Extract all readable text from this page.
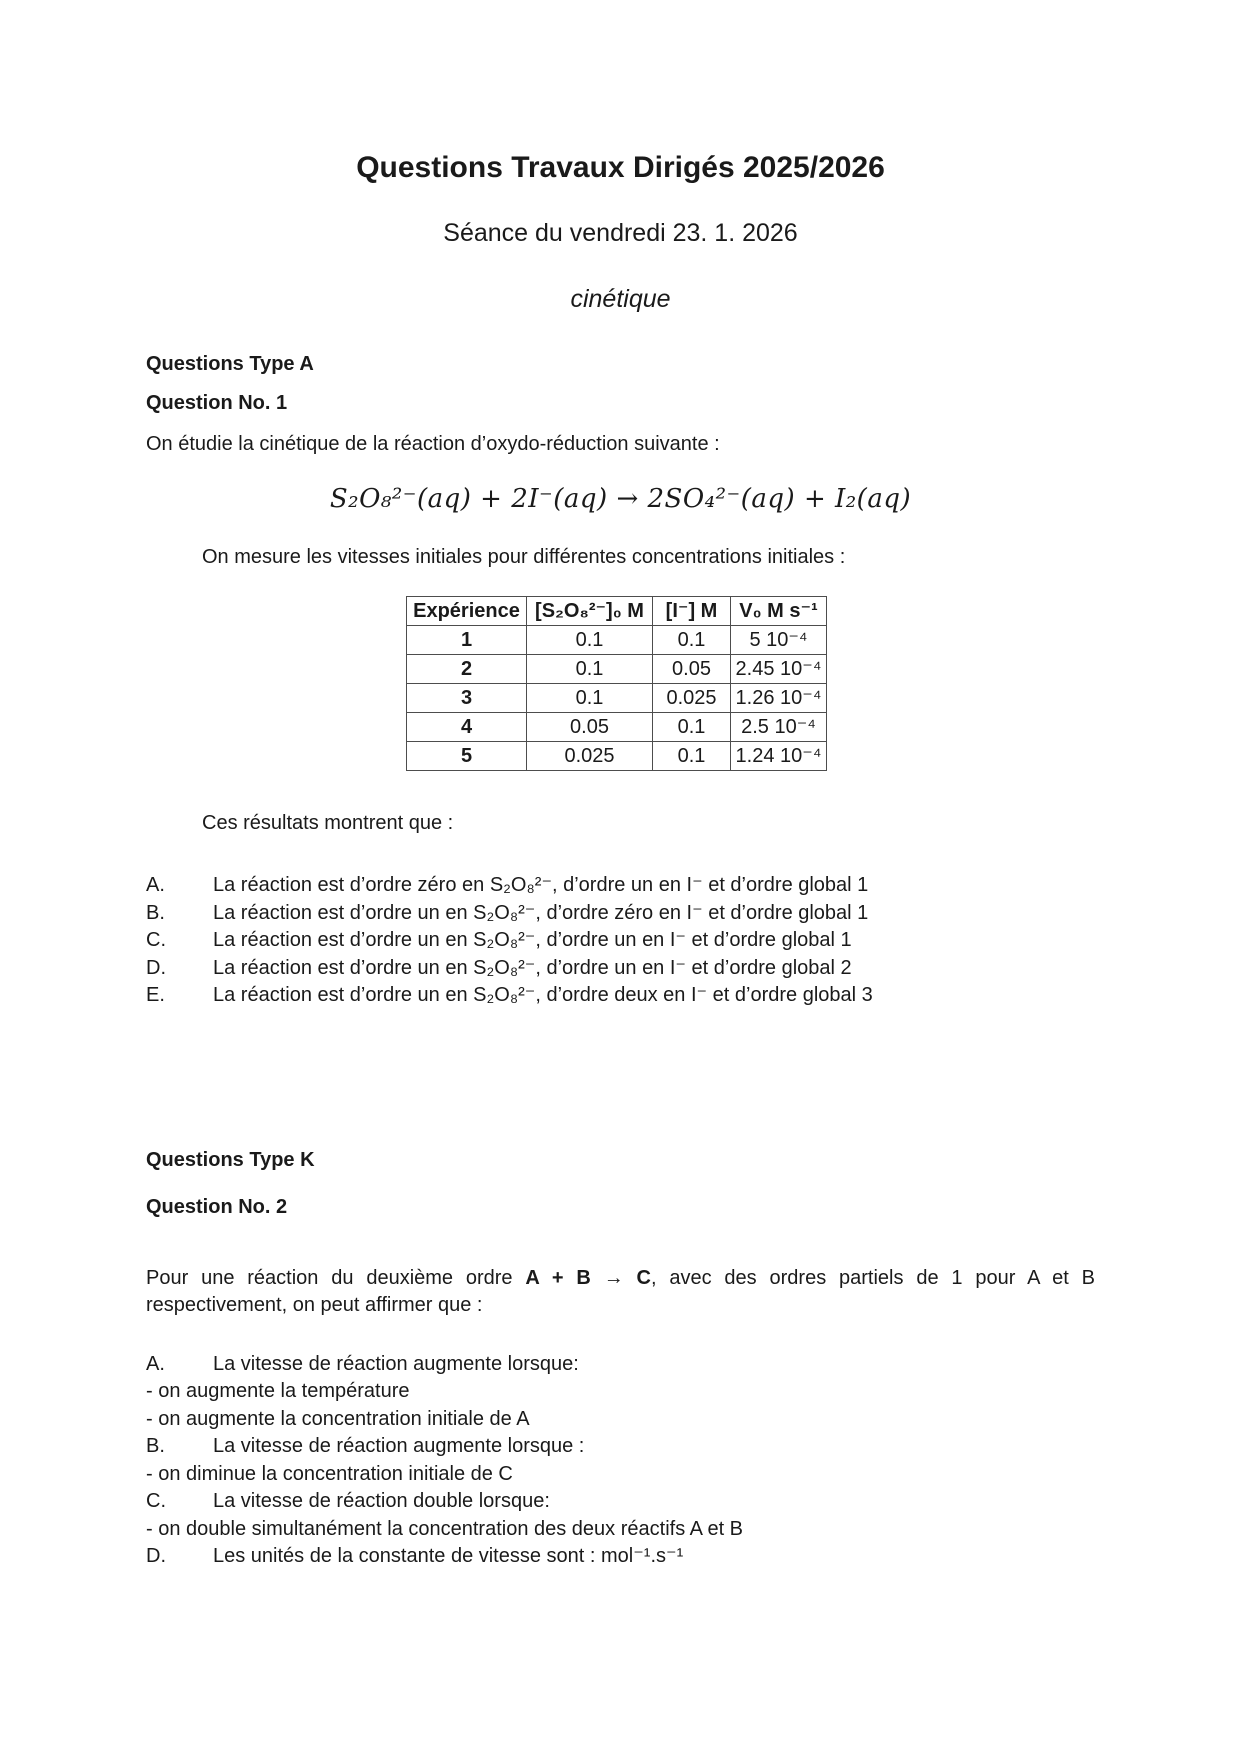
Questions Travaux Dirigés 2025/2026
Séance du vendredi 23. 1. 2026
cinétique
Questions Type A
Question No. 1
On étudie la cinétique de la réaction d’oxydo-réduction suivante :
S₂O₈²⁻(aq) + 2I⁻(aq) → 2SO₄²⁻(aq) + I₂(aq)
On mesure les vitesses initiales pour différentes concentrations initiales :
Expérience	[S₂O₈²⁻]₀ M	[I⁻] M	V₀ M s⁻¹
1	0.1	0.1	5 10⁻⁴
2	0.1	0.05	2.45 10⁻⁴
3	0.1	0.025	1.26 10⁻⁴
4	0.05	0.1	2.5 10⁻⁴
5	0.025	0.1	1.24 10⁻⁴
Ces résultats montrent que :
A.	La réaction est d’ordre zéro en S₂O₈²⁻, d’ordre un en I⁻ et d’ordre global 1
B.	La réaction est d’ordre un en S₂O₈²⁻, d’ordre zéro en I⁻ et d’ordre global 1
C.	La réaction est d’ordre un en S₂O₈²⁻, d’ordre un en I⁻ et d’ordre global 1
D.	La réaction est d’ordre un en S₂O₈²⁻, d’ordre un en I⁻ et d’ordre global 2
E.	La réaction est d’ordre un en S₂O₈²⁻, d’ordre deux en I⁻ et d’ordre global 3
Questions Type K
Question No. 2
Pour une réaction du deuxième ordre A + B → C, avec des ordres partiels de 1 pour A et B
respectivement, on peut affirmer que :
A.	La vitesse de réaction augmente lorsque:
- on augmente la température
- on augmente la concentration initiale de A
B.	La vitesse de réaction augmente lorsque :
- on diminue la concentration initiale de C
C.	La vitesse de réaction double lorsque:
- on double simultanément la concentration des deux réactifs A et B
D.	Les unités de la constante de vitesse sont : mol⁻¹.s⁻¹
